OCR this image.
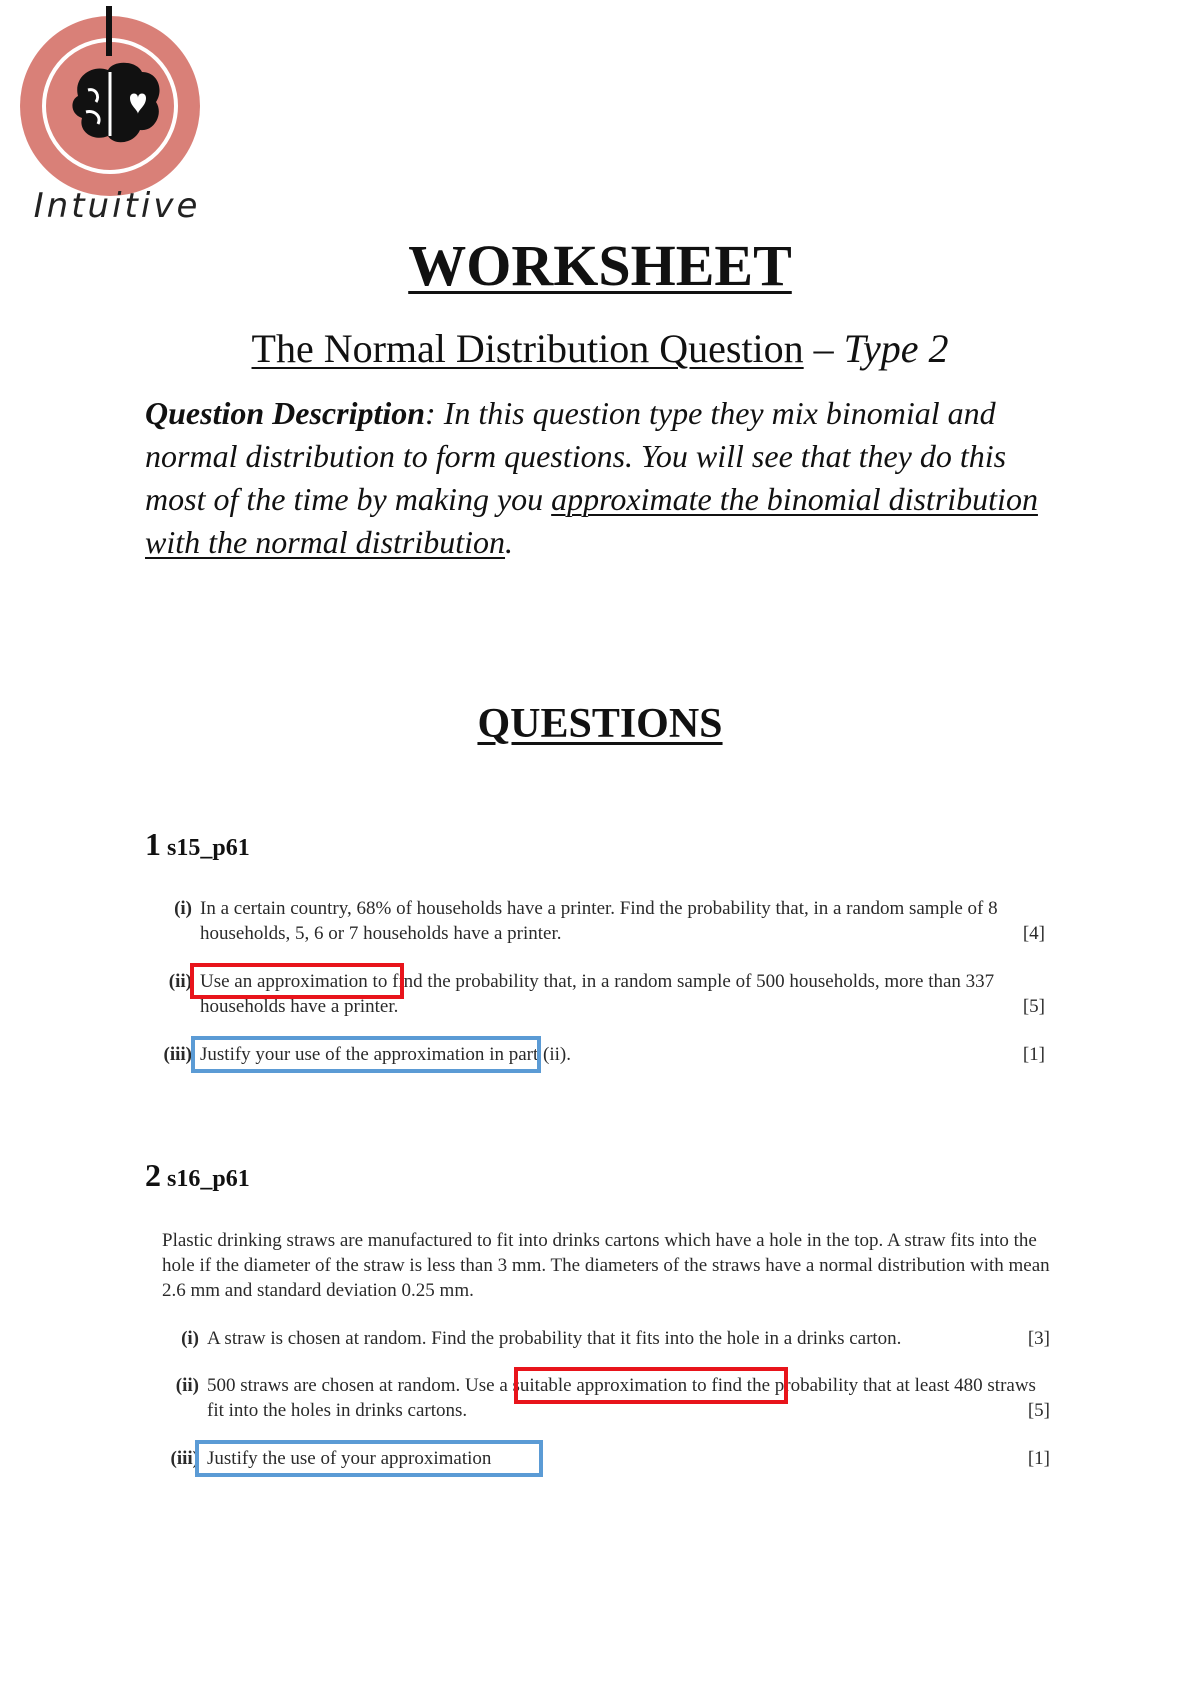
Intuitive
WORKSHEET
The Normal Distribution Question – Type 2
Question Description: In this question type they mix binomial and normal distribution to form questions. You will see that they do this most of the time by making you approximate the binomial distribution with the normal distribution.
QUESTIONS
1 s15_p61
(i) In a certain country, 68% of households have a printer. Find the probability that, in a random sample of 8 households, 5, 6 or 7 households have a printer.	[4]
(ii) Use an approximation to find the probability that, in a random sample of 500 households, more than 337 households have a printer.	[5]
(iii) Justify your use of the approximation in part (ii).	[1]
2 s16_p61
Plastic drinking straws are manufactured to fit into drinks cartons which have a hole in the top. A straw fits into the hole if the diameter of the straw is less than 3 mm. The diameters of the straws have a normal distribution with mean 2.6 mm and standard deviation 0.25 mm.
(i) A straw is chosen at random. Find the probability that it fits into the hole in a drinks carton.	[3]
(ii) 500 straws are chosen at random. Use a suitable approximation to find the probability that at least 480 straws fit into the holes in drinks cartons.	[5]
(iii) Justify the use of your approximation	[1]
